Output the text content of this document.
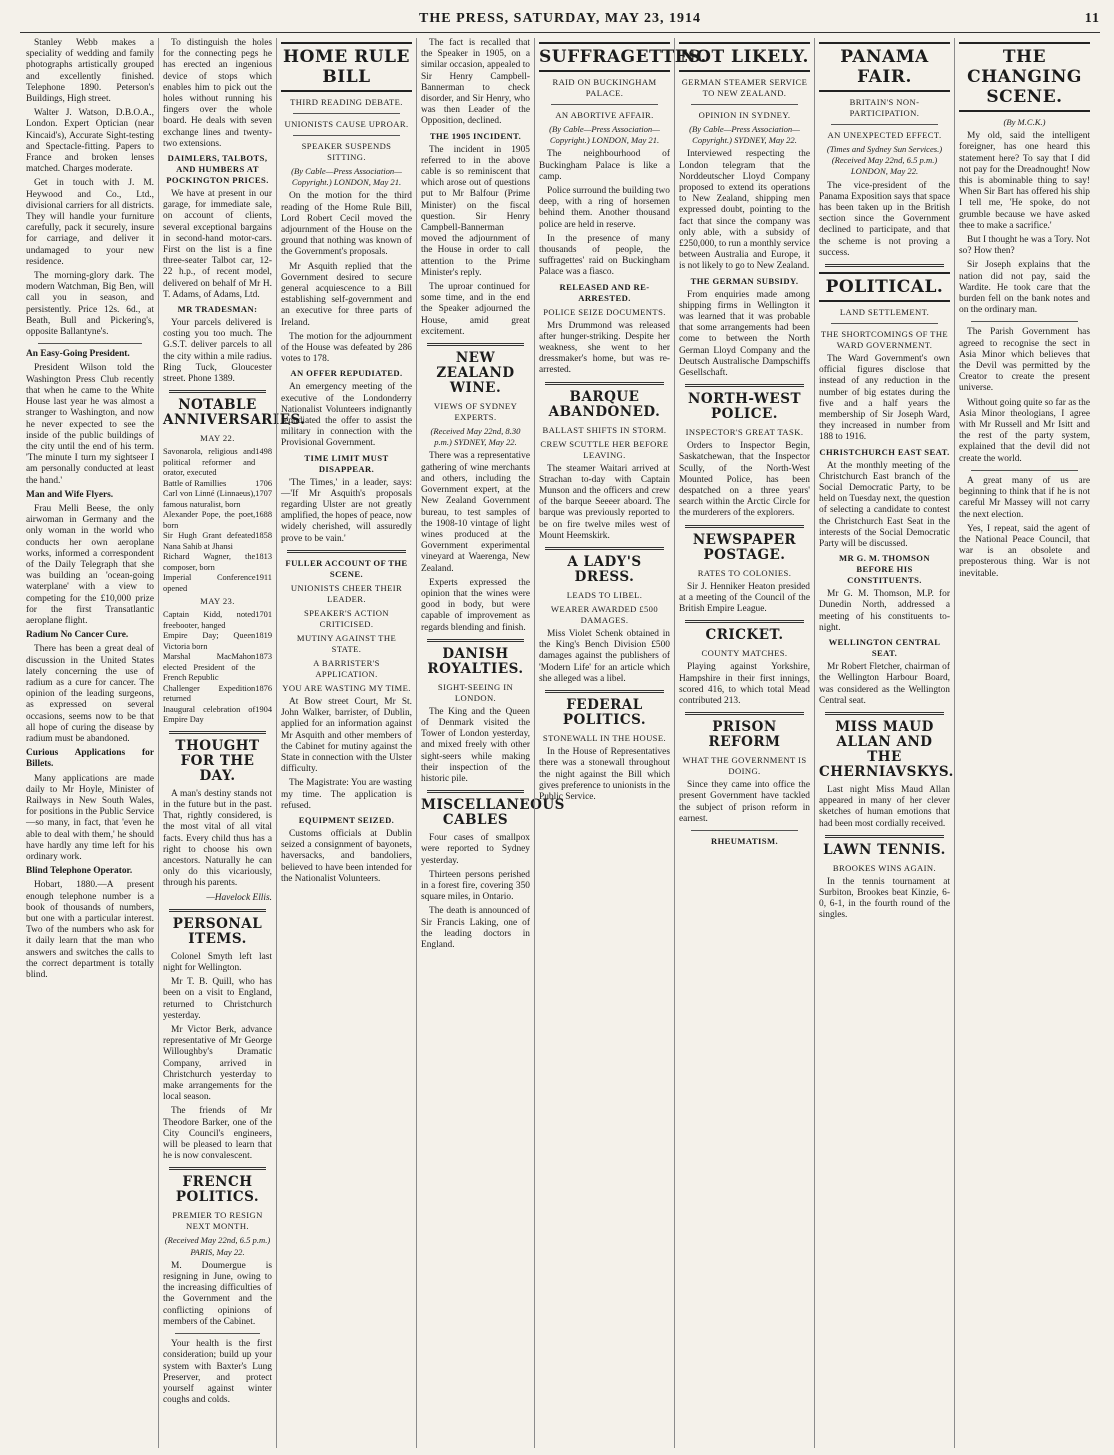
THE PRESS, SATURDAY, MAY 23, 1914	11

Stanley Webb makes a speciality of wedding and family photographs artistically grouped and excellently finished. Telephone 1890. Peterson's Buildings, High street.

Walter J. Watson, D.B.O.A., London. Expert Optician (near Kincaid's), Accurate Sight-testing and Spectacle-fitting. Papers to France and broken lenses matched. Charges moderate.

Get in touch with J. M. Heywood and Co., Ltd., divisional carriers for all districts. They will handle your furniture carefully, pack it securely, insure for carriage, and deliver it undamaged to your new residence.

The morning-glory dark. The modern Watchman, Big Ben, will call you in season, and persistently. Price 12s. 6d., at Beath, Bull and Pickering's, opposite Ballantyne's.

An Easy-Going President.

President Wilson told the Washington Press Club recently that when he came to the White House last year he was almost a stranger to Washington, and now he never expected to see the inside of the public buildings of the city until the end of his term. 'The minute I turn my sightseer I am personally conducted at least the hand.'

Man and Wife Flyers.

Frau Melli Beese, the only airwoman in Germany and the only woman in the world who conducts her own aeroplane works, informed a correspondent of the Daily Telegraph that she was building an 'ocean-going waterplane' with a view to competing for the £10,000 prize for the first Transatlantic aeroplane flight.

Radium No Cancer Cure.

There has been a great deal of discussion in the United States lately concerning the use of radium as a cure for cancer. The opinion of the leading surgeons, as expressed on several occasions, seems now to be that all hope of curing the disease by radium must be abandoned.

Curious Applications for Billets.

Many applications are made daily to Mr Hoyle, Minister of Railways in New South Wales, for positions in the Public Service—so many, in fact, that 'even he able to deal with them,' he should have hardly any time left for his ordinary work.

Blind Telephone Operator.

Hobart, 1880.—A present enough telephone number is a book of thousands of numbers, but one with a particular interest. Two of the numbers who ask for it daily learn that the man who answers and switches the calls to the correct department is totally blind.

To distinguish the holes for the connecting pegs he has erected an ingenious device of stops which enables him to pick out the holes without running his fingers over the whole board. He deals with seven exchange lines and twenty-two extensions.

DAIMLERS, TALBOTS, AND HUMBERS AT POCKINGTON PRICES.

We have at present in our garage, for immediate sale, on account of clients, several exceptional bargains in second-hand motor-cars. First on the list is a fine three-seater Talbot car, 12-22 h.p., of recent model, delivered on behalf of Mr H. T. Adams, of Adams, Ltd.

MR TRADESMAN:

Your parcels delivered is costing you too much. The G.S.T. deliver parcels to all the city within a mile radius. Ring Tuck, Gloucester street. Phone 1389.

NOTABLE ANNIVERSARIES.
MAY 22.
Savonarola, religious and political reformer and orator, executed
1498
Battle of Ramillies	1706
Carl von Linné (Linnaeus), famous naturalist, born
1707
Alexander Pope, the poet, born
1688
Sir Hugh Grant defeated Nana Sahib at Jhansi
1858
Richard Wagner, the composer, born
1813
Imperial Conference opened
1911
MAY 23.
Captain Kidd, noted freebooter, hanged
1701
Empire Day; Queen Victoria born
1819
Marshal MacMahon elected President of the French Republic
1873
Challenger Expedition returned
1876
Inaugural celebration of Empire Day
1904
THOUGHT FOR THE DAY.

A man's destiny stands not in the future but in the past. That, rightly considered, is the most vital of all vital facts. Every child thus has a right to choose his own ancestors. Naturally he can only do this vicariously, through his parents.

—Havelock Ellis.

PERSONAL ITEMS.

Colonel Smyth left last night for Wellington.

Mr T. B. Quill, who has been on a visit to England, returned to Christchurch yesterday.

Mr Victor Berk, advance representative of Mr George Willoughby's Dramatic Company, arrived in Christchurch yesterday to make arrangements for the local season.

The friends of Mr Theodore Barker, one of the City Council's engineers, will be pleased to learn that he is now convalescent.

FRENCH POLITICS.
PREMIER TO RESIGN NEXT MONTH.

(Received May 22nd, 6.5 p.m.) PARIS, May 22.

M. Doumergue is resigning in June, owing to the increasing difficulties of the Government and the conflicting opinions of members of the Cabinet.

Your health is the first consideration; build up your system with Baxter's Lung Preserver, and protect yourself against winter coughs and colds.

HOME RULE BILL
THIRD READING DEBATE.
UNIONISTS CAUSE UPROAR.
SPEAKER SUSPENDS SITTING.

(By Cable—Press Association—Copyright.) LONDON, May 21.

On the motion for the third reading of the Home Rule Bill, Lord Robert Cecil moved the adjournment of the House on the ground that nothing was known of the Government's proposals.

Mr Asquith replied that the Government desired to secure general acquiescence to a Bill establishing self-government and an executive for three parts of Ireland.

The motion for the adjournment of the House was defeated by 286 votes to 178.

AN OFFER REPUDIATED.

An emergency meeting of the executive of the Londonderry Nationalist Volunteers indignantly repudiated the offer to assist the military in connection with the Provisional Government.

TIME LIMIT MUST DISAPPEAR.

'The Times,' in a leader, says:—'If Mr Asquith's proposals regarding Ulster are not greatly amplified, the hopes of peace, now widely cherished, will assuredly prove to be vain.'

FULLER ACCOUNT OF THE SCENE.
UNIONISTS CHEER THEIR LEADER.
SPEAKER'S ACTION CRITICISED.
MUTINY AGAINST THE STATE.
A BARRISTER'S APPLICATION.
YOU ARE WASTING MY TIME.

At Bow street Court, Mr St. John Walker, barrister, of Dublin, applied for an information against Mr Asquith and other members of the Cabinet for mutiny against the State in connection with the Ulster difficulty.

The Magistrate: You are wasting my time. The application is refused.

EQUIPMENT SEIZED.

Customs officials at Dublin seized a consignment of bayonets, haversacks, and bandoliers, believed to have been intended for the Nationalist Volunteers.

The fact is recalled that the Speaker in 1905, on a similar occasion, appealed to Sir Henry Campbell-Bannerman to check disorder, and Sir Henry, who was then Leader of the Opposition, declined.

THE 1905 INCIDENT.

The incident in 1905 referred to in the above cable is so reminiscent that which arose out of questions put to Mr Balfour (Prime Minister) on the fiscal question. Sir Henry Campbell-Bannerman moved the adjournment of the House in order to call attention to the Prime Minister's reply.

The uproar continued for some time, and in the end the Speaker adjourned the House, amid great excitement.

NEW ZEALAND WINE.
VIEWS OF SYDNEY EXPERTS.

(Received May 22nd, 8.30 p.m.) SYDNEY, May 22.

There was a representative gathering of wine merchants and others, including the Government expert, at the New Zealand Government bureau, to test samples of the 1908-10 vintage of light wines produced at the Government experimental vineyard at Waerenga, New Zealand.

Experts expressed the opinion that the wines were good in body, but were capable of improvement as regards blending and finish.

DANISH ROYALTIES.
SIGHT-SEEING IN LONDON.

The King and the Queen of Denmark visited the Tower of London yesterday, and mixed freely with other sight-seers while making their inspection of the historic pile.

MISCELLANEOUS CABLES

Four cases of smallpox were reported to Sydney yesterday.

Thirteen persons perished in a forest fire, covering 350 square miles, in Ontario.

The death is announced of Sir Francis Laking, one of the leading doctors in England.

SUFFRAGETTES.
RAID ON BUCKINGHAM PALACE.
AN ABORTIVE AFFAIR.

(By Cable—Press Association—Copyright.) LONDON, May 21.

The neighbourhood of Buckingham Palace is like a camp.

Police surround the building two deep, with a ring of horsemen behind them. Another thousand police are held in reserve.

In the presence of many thousands of people, the suffragettes' raid on Buckingham Palace was a fiasco.

RELEASED AND RE-ARRESTED.
POLICE SEIZE DOCUMENTS.

Mrs Drummond was released after hunger-striking. Despite her weakness, she went to her dressmaker's home, but was re-arrested.

BARQUE ABANDONED.
BALLAST SHIFTS IN STORM.
CREW SCUTTLE HER BEFORE LEAVING.

The steamer Waitari arrived at Strachan to-day with Captain Munson and the officers and crew of the barque Seeeer aboard. The barque was previously reported to be on fire twelve miles west of Mount Heemskirk.

A LADY'S DRESS.
LEADS TO LIBEL.
WEARER AWARDED £500 DAMAGES.

Miss Violet Schenk obtained in the King's Bench Division £500 damages against the publishers of 'Modern Life' for an article which she alleged was a libel.

FEDERAL POLITICS.
STONEWALL IN THE HOUSE.

In the House of Representatives there was a stonewall throughout the night against the Bill which gives preference to unionists in the Public Service.

NOT LIKELY.
GERMAN STEAMER SERVICE TO NEW ZEALAND.
OPINION IN SYDNEY.

(By Cable—Press Association—Copyright.) SYDNEY, May 22.

Interviewed respecting the London telegram that the Norddeutscher Lloyd Company proposed to extend its operations to New Zealand, shipping men expressed doubt, pointing to the fact that since the company was only able, with a subsidy of £250,000, to run a monthly service between Australia and Europe, it is not likely to go to New Zealand.

THE GERMAN SUBSIDY.

From enquiries made among shipping firms in Wellington it was learned that it was probable that some arrangements had been come to between the North German Lloyd Company and the Deutsch Australische Dampschiffs Gesellschaft.

NORTH-WEST POLICE.
INSPECTOR'S GREAT TASK.

Orders to Inspector Begin, Saskatchewan, that the Inspector Scully, of the North-West Mounted Police, has been despatched on a three years' search within the Arctic Circle for the murderers of the explorers.

NEWSPAPER POSTAGE.
RATES TO COLONIES.

Sir J. Henniker Heaton presided at a meeting of the Council of the British Empire League.

CRICKET.
COUNTY MATCHES.

Playing against Yorkshire, Hampshire in their first innings, scored 416, to which total Mead contributed 213.

PRISON REFORM
WHAT THE GOVERNMENT IS DOING.

Since they came into office the present Government have tackled the subject of prison reform in earnest.

RHEUMATISM.
PANAMA FAIR.
BRITAIN'S NON-PARTICIPATION.
AN UNEXPECTED EFFECT.

(Times and Sydney Sun Services.) (Received May 22nd, 6.5 p.m.) LONDON, May 22.

The vice-president of the Panama Exposition says that space has been taken up in the British section since the Government declined to participate, and that the scheme is not proving a success.

POLITICAL.
LAND SETTLEMENT.
THE SHORTCOMINGS OF THE WARD GOVERNMENT.

The Ward Government's own official figures disclose that instead of any reduction in the number of big estates during the five and a half years the membership of Sir Joseph Ward, they increased in number from 188 to 1916.

CHRISTCHURCH EAST SEAT.

At the monthly meeting of the Christchurch East branch of the Social Democratic Party, to be held on Tuesday next, the question of selecting a candidate to contest the Christchurch East Seat in the interests of the Social Democratic Party will be discussed.

MR G. M. THOMSON BEFORE HIS CONSTITUENTS.

Mr G. M. Thomson, M.P. for Dunedin North, addressed a meeting of his constituents to-night.

WELLINGTON CENTRAL SEAT.

Mr Robert Fletcher, chairman of the Wellington Harbour Board, was considered as the Wellington Central seat.

MISS MAUD ALLAN AND THE CHERNIAVSKYS.

Last night Miss Maud Allan appeared in many of her clever sketches of human emotions that had been most cordially received.

LAWN TENNIS.
BROOKES WINS AGAIN.

In the tennis tournament at Surbiton, Brookes beat Kinzie, 6-0, 6-1, in the fourth round of the singles.

THE CHANGING SCENE.

(By M.C.K.)

My old, said the intelligent foreigner, has one heard this statement here? To say that I did not pay for the Dreadnought! Now this is abominable thing to say! When Sir Bart has offered his ship I tell me, 'He spoke, do not grumble because we have asked thee to make a sacrifice.'

But I thought he was a Tory. Not so? How then?

Sir Joseph explains that the nation did not pay, said the Wardite. He took care that the burden fell on the bank notes and on the ordinary man.

The Parish Government has agreed to recognise the sect in Asia Minor which believes that the Devil was permitted by the Creator to create the present universe.

Without going quite so far as the Asia Minor theologians, I agree with Mr Russell and Mr Isitt and the rest of the party system, explained that the devil did not create the world.

A great many of us are beginning to think that if he is not careful Mr Massey will not carry the next election.

Yes, I repeat, said the agent of the National Peace Council, that war is an obsolete and preposterous thing. War is not inevitable.
